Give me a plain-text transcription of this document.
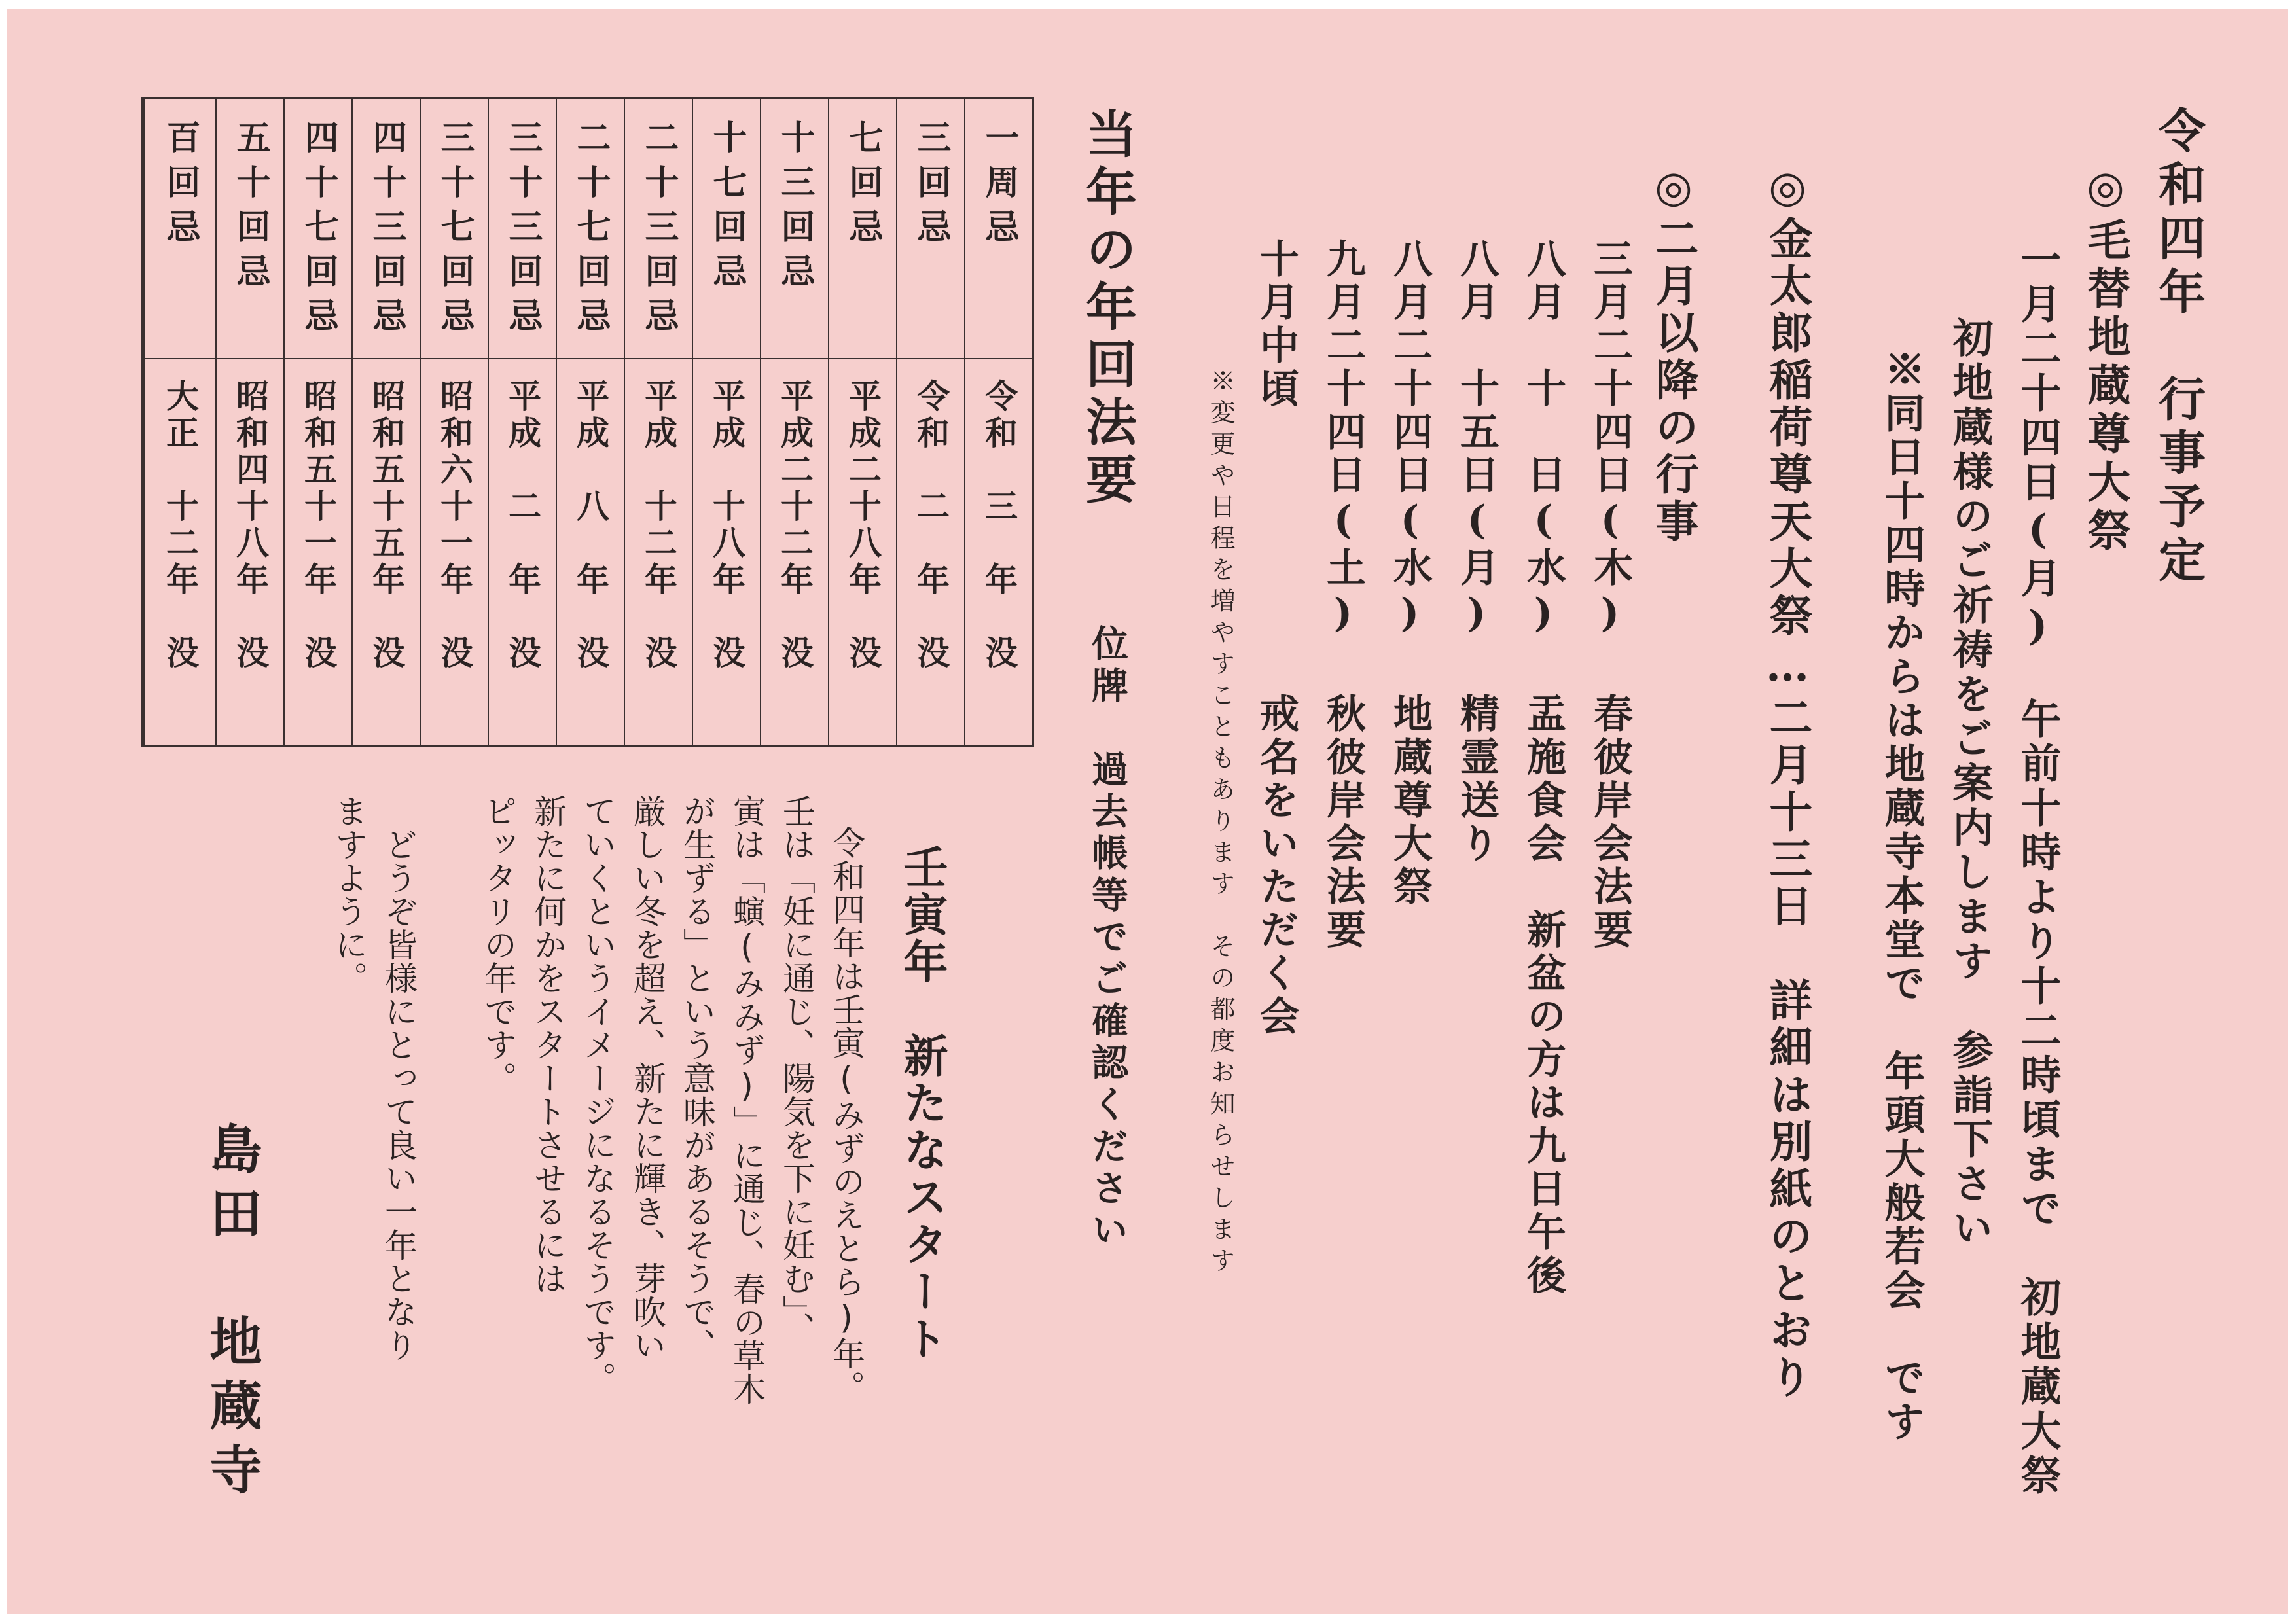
令和四年　行事予定
◎毛替地蔵尊大祭
一月二十四日(月)　午前十時より十二時頃まで　初地蔵大祭
初地蔵様のご祈祷をご案内します　参詣下さい
※同日十四時からは地蔵寺本堂で　年頭大般若会　です
◎金太郎稲荷尊天大祭…二月十三日　詳細は別紙のとおり
◎二月以降の行事
三月二十四日(木)
春彼岸会法要
八月　十　日(水)
盂施食会　新盆の方は九日午後
八月　十五日(月)
精霊送り
八月二十四日(水)
地蔵尊大祭
九月二十四日(土)
秋彼岸会法要
十月中頃
戒名をいただく会
※変更や日程を増やすこともあります　その都度お知らせします
当年の年回法要
位牌　過去帳等でご確認ください
一周忌
令和　三　年　没
三回忌
令和　二　年　没
七回忌
平成二十八年　没
十三回忌
平成二十二年　没
十七回忌
平成　十八年　没
二十三回忌
平成　十二年　没
二十七回忌
平成　八　年　没
三十三回忌
平成　二　年　没
三十七回忌
昭和六十一年　没
四十三回忌
昭和五十五年　没
四十七回忌
昭和五十一年　没
五十回忌
昭和四十八年　没
百回忌
大正　十二年　没
壬寅年　新たなスタート
令和四年は壬寅(みずのえとら)年。
壬は「妊に通じ、陽気を下に妊む」、
寅は「螾(みみず)」に通じ、春の草木
が生ずる」という意味があるそうで、
厳しい冬を超え、新たに輝き、芽吹い
ていくというイメージになるそうです。
新たに何かをスタートさせるには
ピッタリの年です。
　どうぞ皆様にとって良い一年となり
ますように。
島田　地蔵寺
